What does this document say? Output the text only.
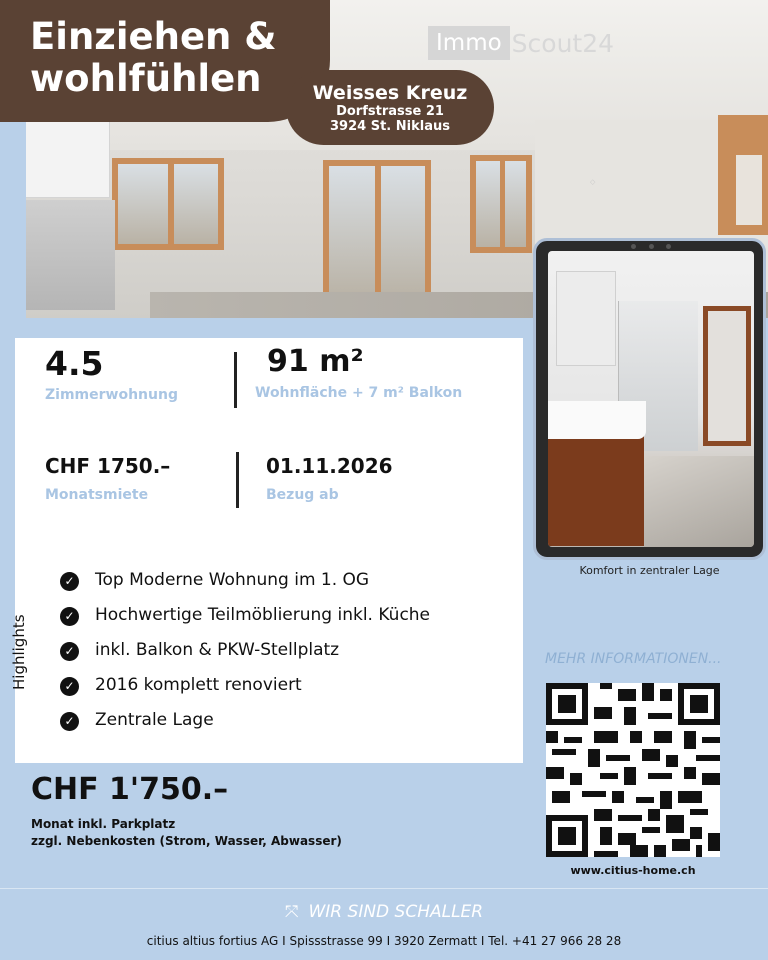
◇
Einziehen &
wohlfühlen	Weisses Kreuz
Dorfstrasse 21
3924 St. Niklaus
Immo Scout24
4.5
Zimmerwohnung
91 m²
Wohnfläche + 7 m² Balkon
CHF 1750.–
Monatsmiete
01.11.2026
Bezug ab
Highlights
✓ Top Moderne Wohnung im 1. OG
✓ Hochwertige Teilmöblierung inkl. Küche
✓ inkl. Balkon & PKW-Stellplatz
✓ 2016 komplett renoviert
✓ Zentrale Lage
CHF 1'750.–
Monat inkl. Parkplatz
zzgl. Nebenkosten (Strom, Wasser, Abwasser)
Komfort in zentraler Lage
MEHR INFORMATIONEN...
www.citius-home.ch
⤧ WIR SIND SCHALLER
citius altius fortius AG I Spissstrasse 99 I 3920 Zermatt I Tel. +41 27 966 28 28
